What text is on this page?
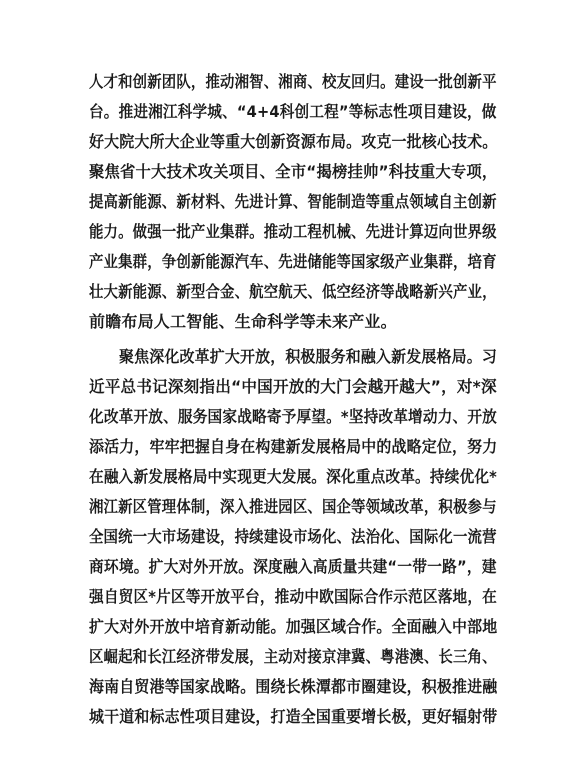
人才和创新团队，推动湘智、湘商、校友回归。建设一批创新平
台。推进湘江科学城、“4+4科创工程”等标志性项目建设，做
好大院大所大企业等重大创新资源布局。攻克一批核心技术。
聚焦省十大技术攻关项目、全市“揭榜挂帅”科技重大专项，
提高新能源、新材料、先进计算、智能制造等重点领域自主创新
能力。做强一批产业集群。推动工程机械、先进计算迈向世界级
产业集群，争创新能源汽车、先进储能等国家级产业集群，培育
壮大新能源、新型合金、航空航天、低空经济等战略新兴产业，
前瞻布局人工智能、生命科学等未来产业。
聚焦深化改革扩大开放，积极服务和融入新发展格局。习
近平总书记深刻指出“中国开放的大门会越开越大”，对*深
化改革开放、服务国家战略寄予厚望。*坚持改革增动力、开放
添活力，牢牢把握自身在构建新发展格局中的战略定位，努力
在融入新发展格局中实现更大发展。深化重点改革。持续优化*
湘江新区管理体制，深入推进园区、国企等领域改革，积极参与
全国统一大市场建设，持续建设市场化、法治化、国际化一流营
商环境。扩大对外开放。深度融入高质量共建“一带一路”，建
强自贸区*片区等开放平台，推动中欧国际合作示范区落地，在
扩大对外开放中培育新动能。加强区域合作。全面融入中部地
区崛起和长江经济带发展，主动对接京津冀、粤港澳、长三角、
海南自贸港等国家战略。围绕长株潭都市圈建设，积极推进融
城干道和标志性项目建设，打造全国重要增长极，更好辐射带
